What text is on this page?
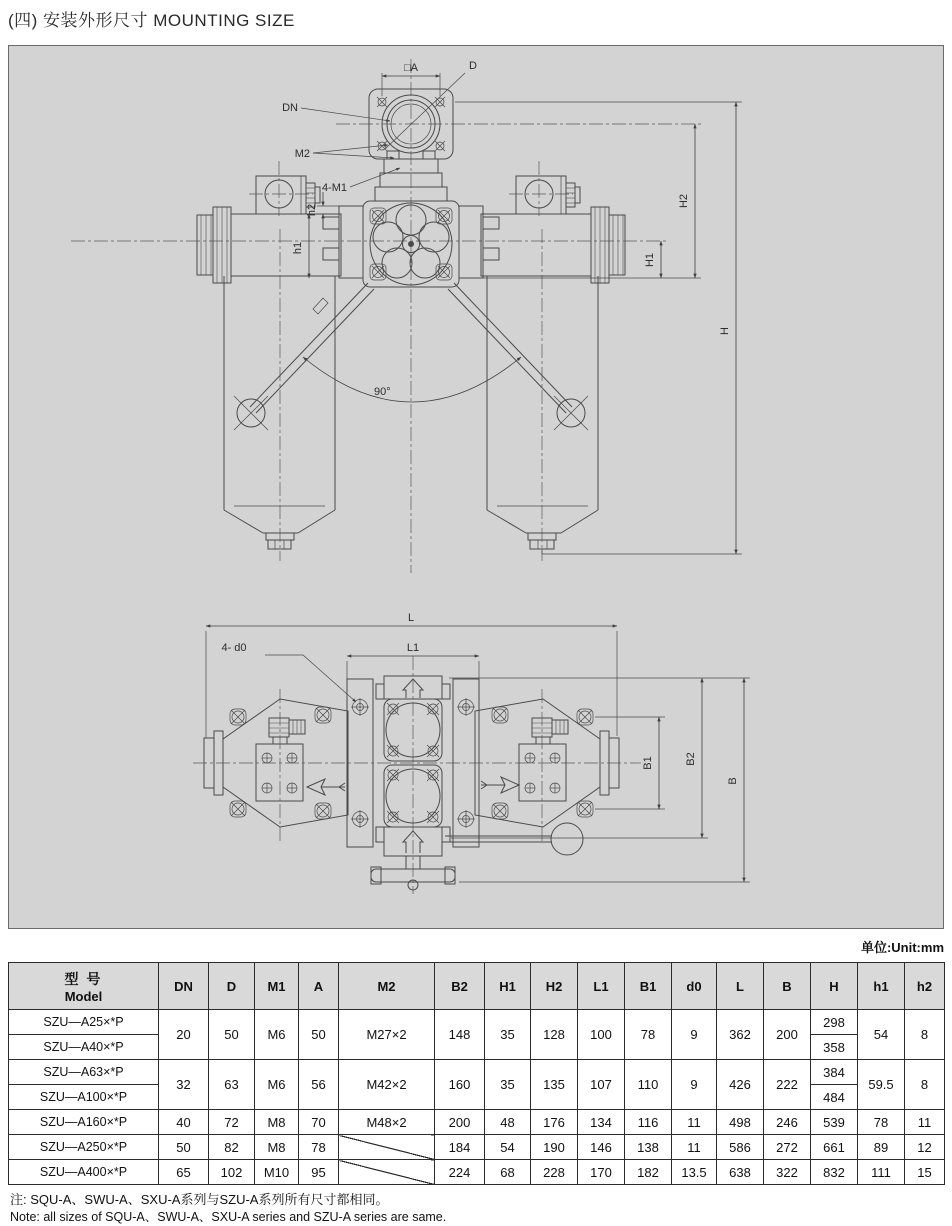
(四) 安装外形尺寸 MOUNTING SIZE
90°
□A	D
DN
M2
4-M1
h2
h1
H1
H2
H
L
L1
4- d0
B1	B2
B
单位:Unit:mm
型 号
Model	DN	D	M1	A	M2	B2	H1	H2	L1	B1	d0	L	B	H	h1	h2
SZU—A25×*P	20	50	M6	50	M27×2	148	35	128	100	78	9	362	200	298	54	8
SZU—A40×*P														358		
SZU—A63×*P	32	63	M6	56	M42×2	160	35	135	107	110	9	426	222	384	59.5	8
SZU—A100×*P														484		
SZU—A160×*P	40	72	M8	70	M48×2	200	48	176	134	116	11	498	246	539	78	11
SZU—A250×*P	50	82	M8	78		184	54	190	146	138	11	586	272	661	89	12
SZU—A400×*P	65	102	M10	95		224	68	228	170	182	13.5	638	322	832	111	15
注: SQU-A、SWU-A、SXU-A系列与SZU-A系列所有尺寸都相同。
Note: all sizes of SQU-A、SWU-A、SXU-A series and SZU-A series are same.
